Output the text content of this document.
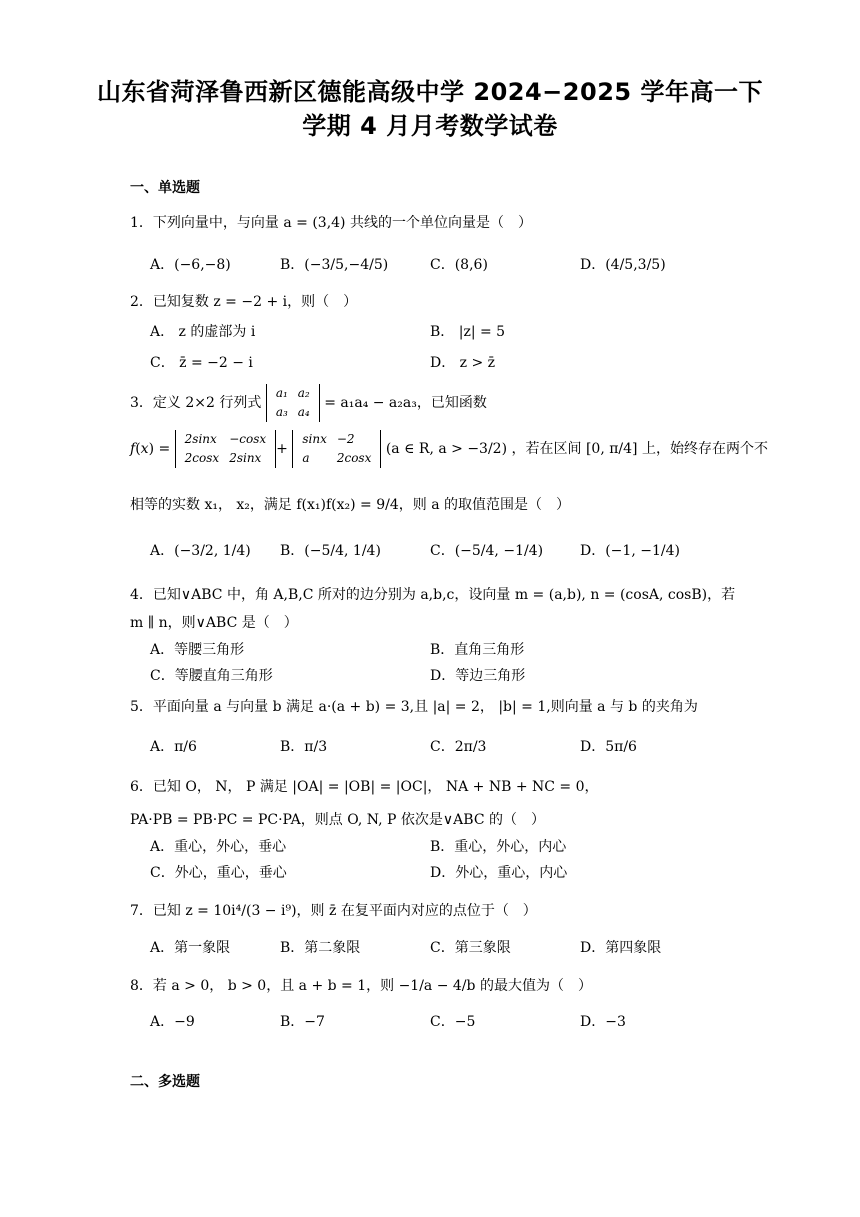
山东省菏泽鲁西新区德能高级中学 2024−2025 学年高一下
学期 4 月月考数学试卷
一、单选题
1．下列向量中，与向量 a = (3,4) 共线的一个单位向量是（　）
A．(−6,−8)	B．(−3/5,−4/5)	C．(8,6)	D．(4/5,3/5)
2．已知复数 z = −2 + i，则（　）
A． z 的虚部为 i	B． |z| = 5
C． z̄ = −2 − i	D． z > z̄
3．定义 2×2 行列式
a₁	a₂
a₃	a₄
= a₁a₄ − a₂a₃，已知函数
f(x) =
2sinx	−cosx
2cosx	2sinx
+
sinx	−2
a	2cosx
(a ∈ R, a > −3/2) ，若在区间 [0, π/4] 上，始终存在两个不
相等的实数 x₁， x₂，满足 f(x₁)f(x₂) = 9/4，则 a 的取值范围是（　）
A．(−3/2, 1/4) B．(−5/4, 1/4)	C．(−5/4, −1/4)	D．(−1, −1/4)
4．已知∨ABC 中，角 A,B,C 所对的边分别为 a,b,c，设向量 m = (a,b), n = (cosA, cosB)，若
m ∥ n，则∨ABC 是（　）
A．等腰三角形	B．直角三角形
C．等腰直角三角形	D．等边三角形
5．平面向量 a 与向量 b 满足 a·(a + b) = 3,且 |a| = 2， |b| = 1,则向量 a 与 b 的夹角为
A．π/6	B．π/3	C．2π/3	D．5π/6
6．已知 O， N， P 满足 |OA| = |OB| = |OC|， NA + NB + NC = 0，
PA·PB = PB·PC = PC·PA，则点 O, N, P 依次是∨ABC 的（　）
A．重心，外心，垂心	B．重心，外心，内心
C．外心，重心，垂心	D．外心，重心，内心
7．已知 z = 10i⁴/(3 − i⁹)，则 z̄ 在复平面内对应的点位于（　）
A．第一象限	B．第二象限	C．第三象限	D．第四象限
8．若 a > 0， b > 0，且 a + b = 1，则 −1/a − 4/b 的最大值为（　）
A．−9	B．−7	C．−5	D．−3
二、多选题
